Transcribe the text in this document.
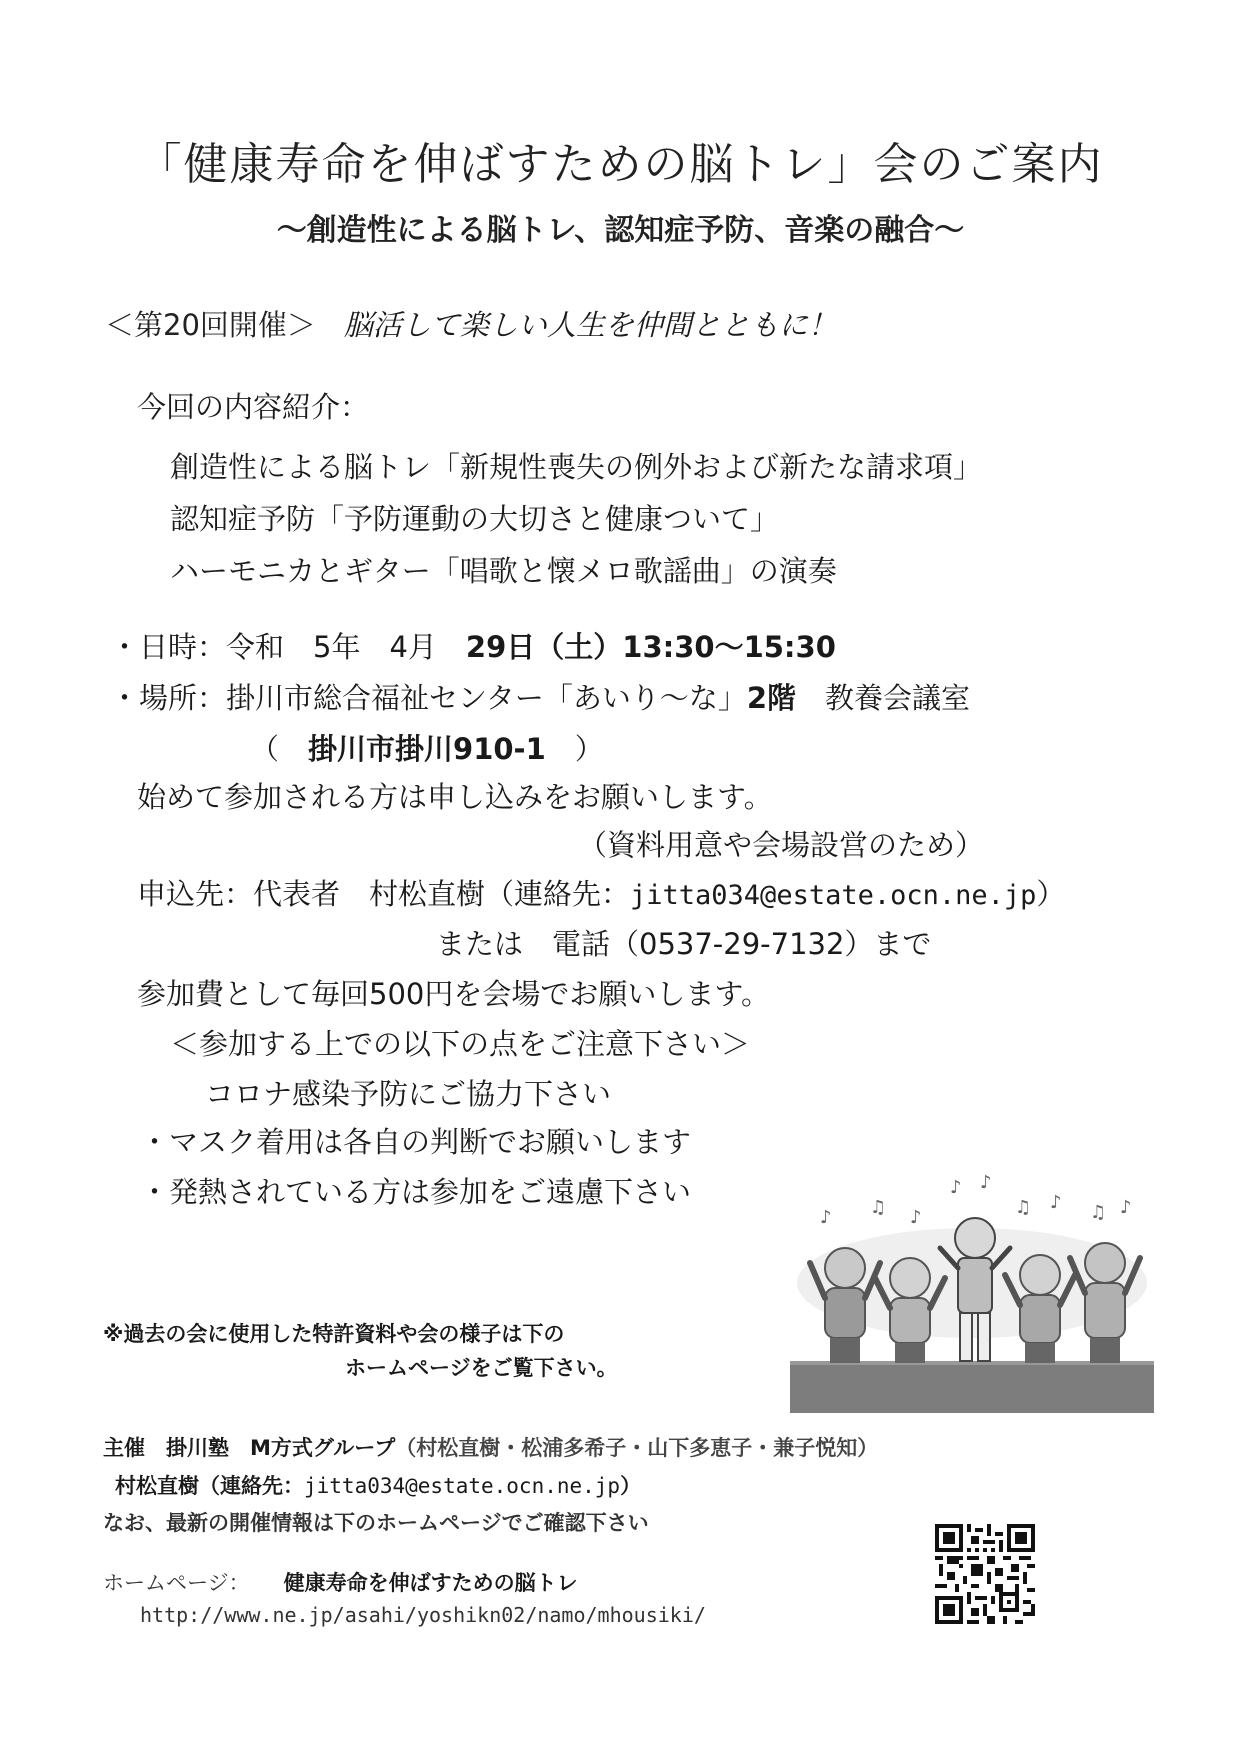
「健康寿命を伸ばすための脳トレ」会のご案内
～創造性による脳トレ、認知症予防、音楽の融合～
＜第20回開催＞ 脳活して楽しい人生を仲間とともに！
今回の内容紹介：
創造性による脳トレ「新規性喪失の例外および新たな請求項」
認知症予防「予防運動の大切さと健康ついて」
ハーモニカとギター「唱歌と懐メロ歌謡曲」の演奏
・日時：令和　5年　4月　29日（土）13:30～15:30
・場所：掛川市総合福祉センター「あいり～な」2階　教養会議室
（　掛川市掛川910-1　）
始めて参加される方は申し込みをお願いします。
（資料用意や会場設営のため）
申込先：代表者　村松直樹（連絡先：jitta034@estate.ocn.ne.jp）
または　電話（0537-29-7132）まで
参加費として毎回500円を会場でお願いします。
＜参加する上での以下の点をご注意下さい＞
コロナ感染予防にご協力下さい
・マスク着用は各自の判断でお願いします
・発熱されている方は参加をご遠慮下さい
※過去の会に使用した特許資料や会の様子は下の
ホームページをご覧下さい。
♪ ♫ ♪
♪ ♪
♫ ♪ ♫ ♪
主催　掛川塾　M方式グループ（村松直樹・松浦多希子・山下多恵子・兼子悦知）
村松直樹（連絡先：jitta034@estate.ocn.ne.jp）
なお、最新の開催情報は下のホームページでご確認下さい
ホームページ： 健康寿命を伸ばすための脳トレ
http://www.ne.jp/asahi/yoshikn02/namo/mhousiki/
